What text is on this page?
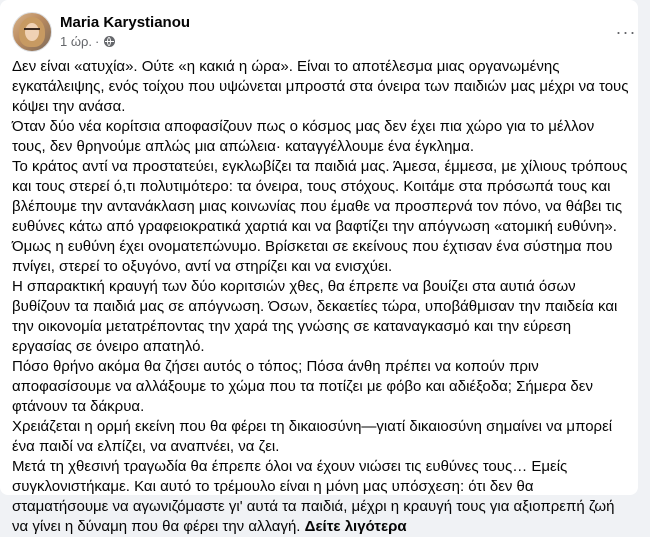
Maria Karystianou
1 ώρ. ·	···

Δεν είναι «ατυχία». Ούτε «η κακιά η ώρα». Είναι το αποτέλεσμα μιας οργανωμένης εγκατάλειψης, ενός τοίχου που υψώνεται μπροστά στα όνειρα των παιδιών μας μέχρι να τους κόψει την ανάσα.

Όταν δύο νέα κορίτσια αποφασίζουν πως ο κόσμος μας δεν έχει πια χώρο για το μέλλον τους, δεν θρηνούμε απλώς μια απώλεια· καταγγέλλουμε ένα έγκλημα.

Το κράτος αντί να προστατεύει, εγκλωβίζει τα παιδιά μας. Άμεσα, έμμεσα, με χίλιους τρόπους και τους στερεί ό,τι πολυτιμότερο: τα όνειρα, τους στόχους. Κοιτάμε στα πρόσωπά τους και βλέπουμε την αντανάκλαση μιας κοινωνίας που έμαθε να προσπερνά τον πόνο, να θάβει τις ευθύνες κάτω από γραφειοκρατικά χαρτιά και να βαφτίζει την απόγνωση «ατομική ευθύνη».

Όμως η ευθύνη έχει ονοματεπώνυμο. Βρίσκεται σε εκείνους που έχτισαν ένα σύστημα που πνίγει, στερεί το οξυγόνο, αντί να στηρίζει και να ενισχύει.

Η σπαρακτική κραυγή των δύο κοριτσιών χθες, θα έπρεπε να βουίζει στα αυτιά όσων βυθίζουν τα παιδιά μας σε απόγνωση. Όσων, δεκαετίες τώρα, υποβάθμισαν την παιδεία και την οικονομία μετατρέποντας την χαρά της γνώσης σε καταναγκασμό και την εύρεση εργασίας σε όνειρο απατηλό.

Πόσο θρήνο ακόμα θα ζήσει αυτός ο τόπος; Πόσα άνθη πρέπει να κοπούν πριν αποφασίσουμε να αλλάξουμε το χώμα που τα ποτίζει με φόβο και αδιέξοδα; Σήμερα δεν φτάνουν τα δάκρυα.

Χρειάζεται η ορμή εκείνη που θα φέρει τη δικαιοσύνη—γιατί δικαιοσύνη σημαίνει να μπορεί ένα παιδί να ελπίζει, να αναπνέει, να ζει.

Μετά τη χθεσινή τραγωδία θα έπρεπε όλοι να έχουν νιώσει τις ευθύνες τους… Εμείς συγκλονιστήκαμε. Και αυτό το τρέμουλο είναι η μόνη μας υπόσχεση: ότι δεν θα σταματήσουμε να αγωνιζόμαστε γι' αυτά τα παιδιά, μέχρι η κραυγή τους για αξιοπρεπή ζωή να γίνει η δύναμη που θα φέρει την αλλαγή. Δείτε λιγότερα
